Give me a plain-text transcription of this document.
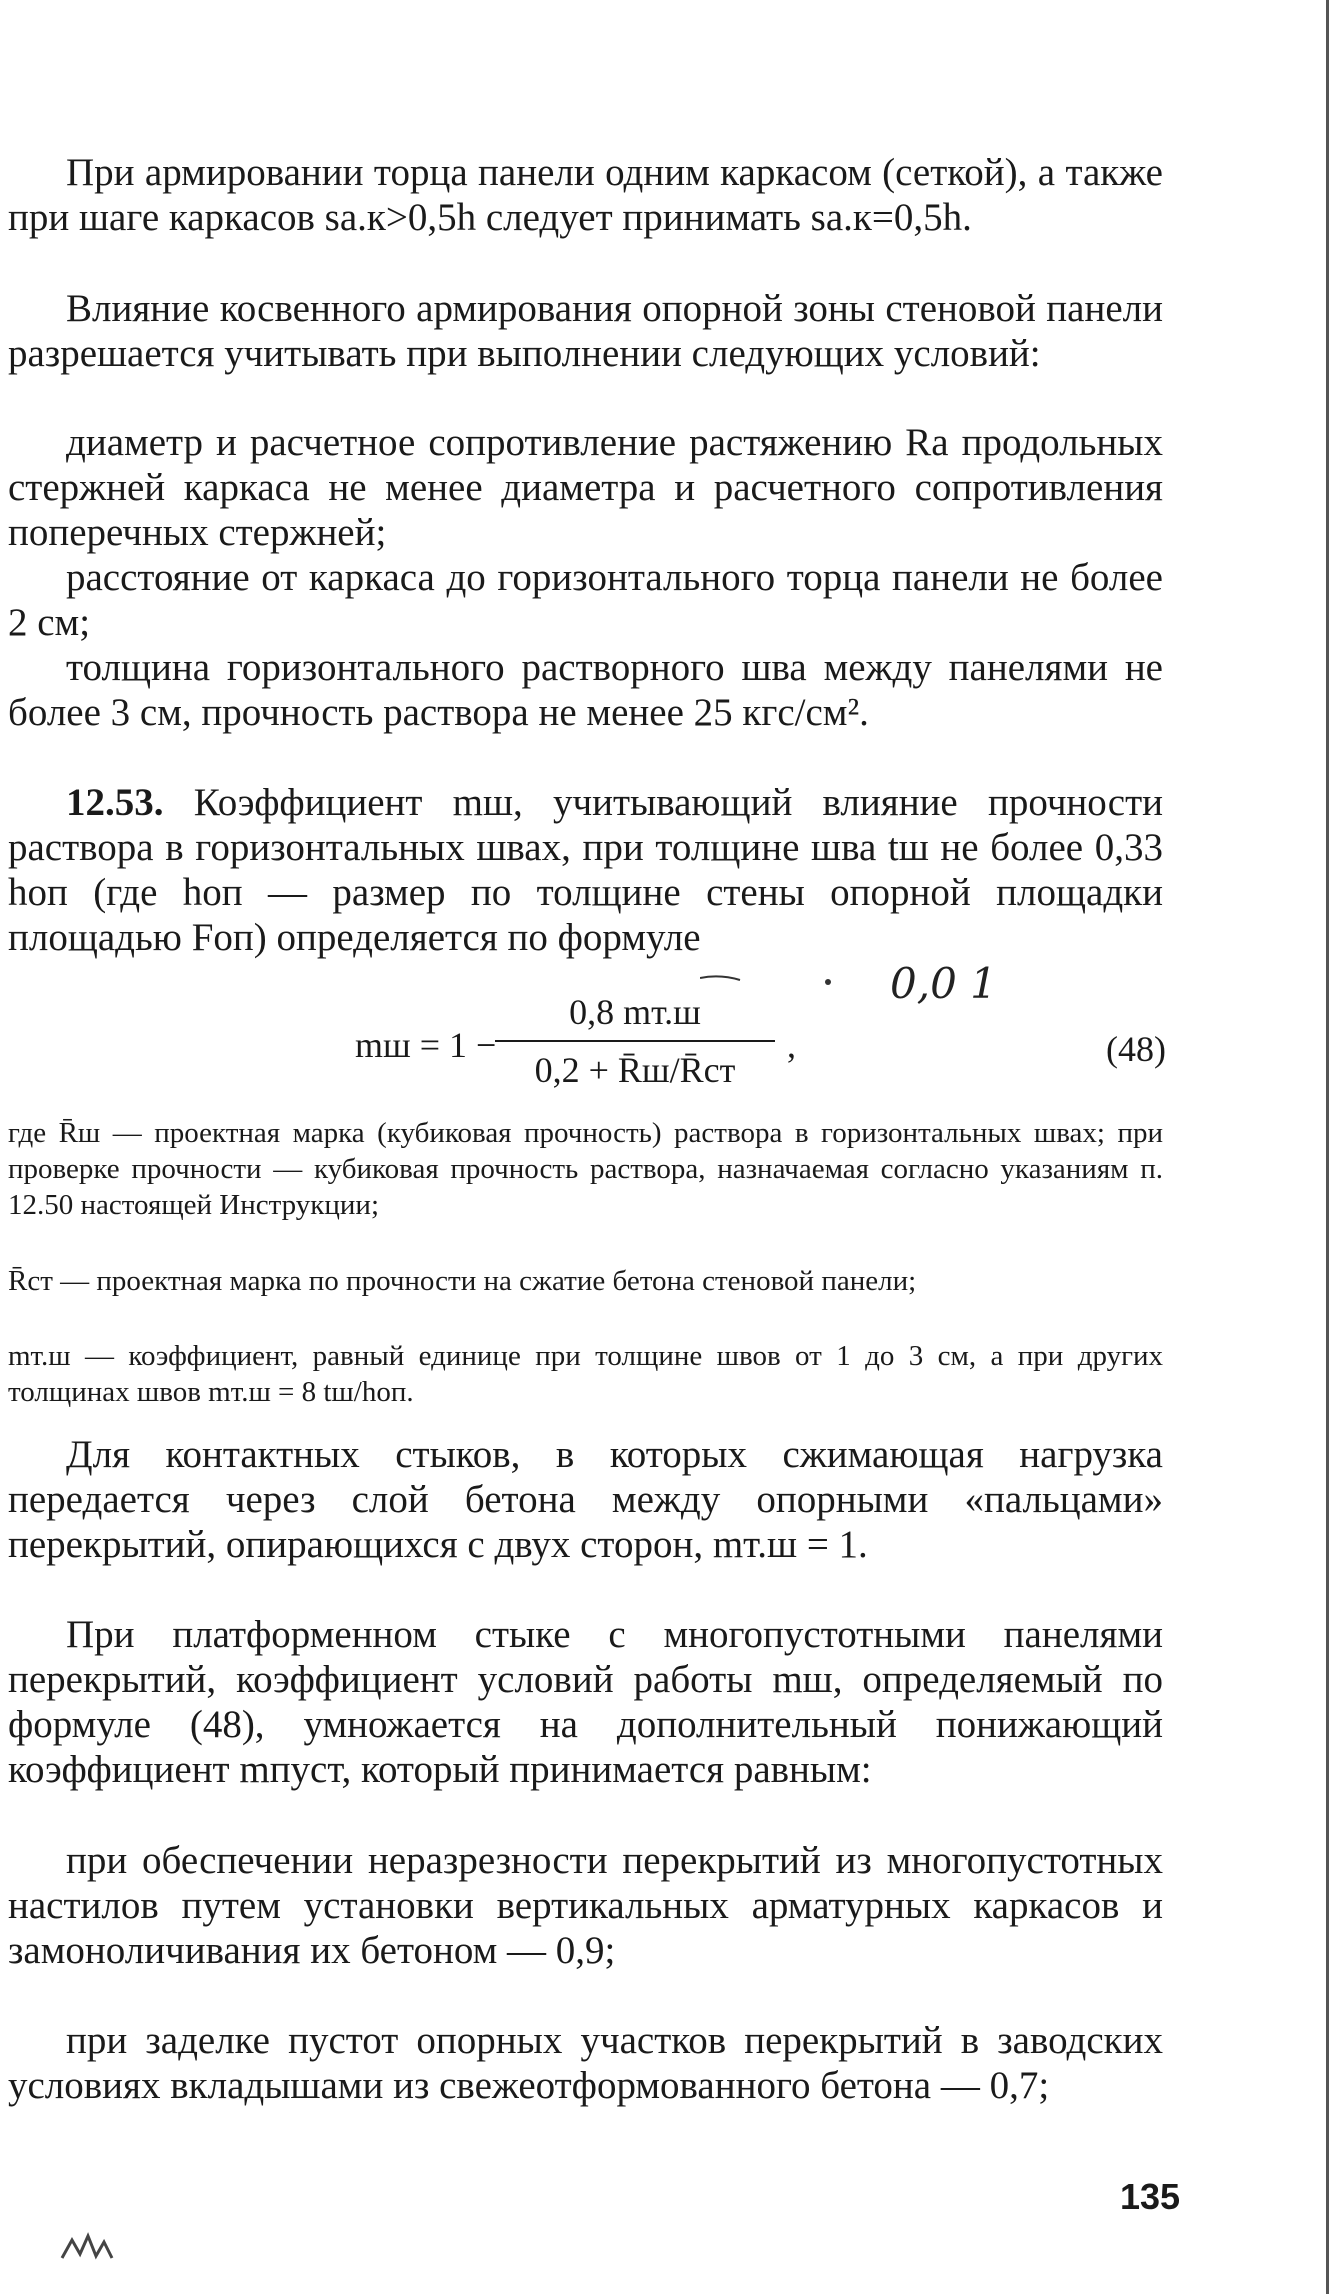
При армировании торца панели одним каркасом (сеткой), а также при шаге каркасов sа.к>0,5h следует принимать sа.к=0,5h.

Влияние косвенного армирования опорной зоны стеновой панели разрешается учитывать при выполнении следующих условий:

диаметр и расчетное сопротивление растяжению Rа продольных стержней каркаса не менее диаметра и расчетного сопротивления поперечных стержней;

расстояние от каркаса до горизонтального торца панели не более 2 см;

толщина горизонтального растворного шва между панелями не более 3 см, прочность раствора не менее 25 кгс/см².

12.53. Коэффициент mш, учитывающий влияние прочности раствора в горизонтальных швах, при толщине шва tш не более 0,33 hоп (где hоп — размер по толщине стены опорной площадки площадью Fоп) определяется по формуле

0,0 1
mш = 1 −
0,8 mт.ш
0,2 + R̄ш/R̄ст
,	(48)

где R̄ш — проектная марка (кубиковая прочность) раствора в горизонтальных швах; при проверке прочности — кубиковая прочность раствора, назначаемая согласно указаниям п. 12.50 настоящей Инструкции;

R̄ст — проектная марка по прочности на сжатие бетона стеновой панели;

mт.ш — коэффициент, равный единице при толщине швов от 1 до 3 см, а при других толщинах швов mт.ш = 8 tш/hоп.

Для контактных стыков, в которых сжимающая нагрузка передается через слой бетона между опорными «пальцами» перекрытий, опирающихся с двух сторон, mт.ш = 1.

При платформенном стыке с многопустотными панелями перекрытий, коэффициент условий работы mш, определяемый по формуле (48), умножается на дополнительный понижающий коэффициент mпуст, который принимается равным:

при обеспечении неразрезности перекрытий из многопустотных настилов путем установки вертикальных арматурных каркасов и замоноличивания их бетоном — 0,9;

при заделке пустот опорных участков перекрытий в заводских условиях вкладышами из свежеотформованного бетона — 0,7;

135
